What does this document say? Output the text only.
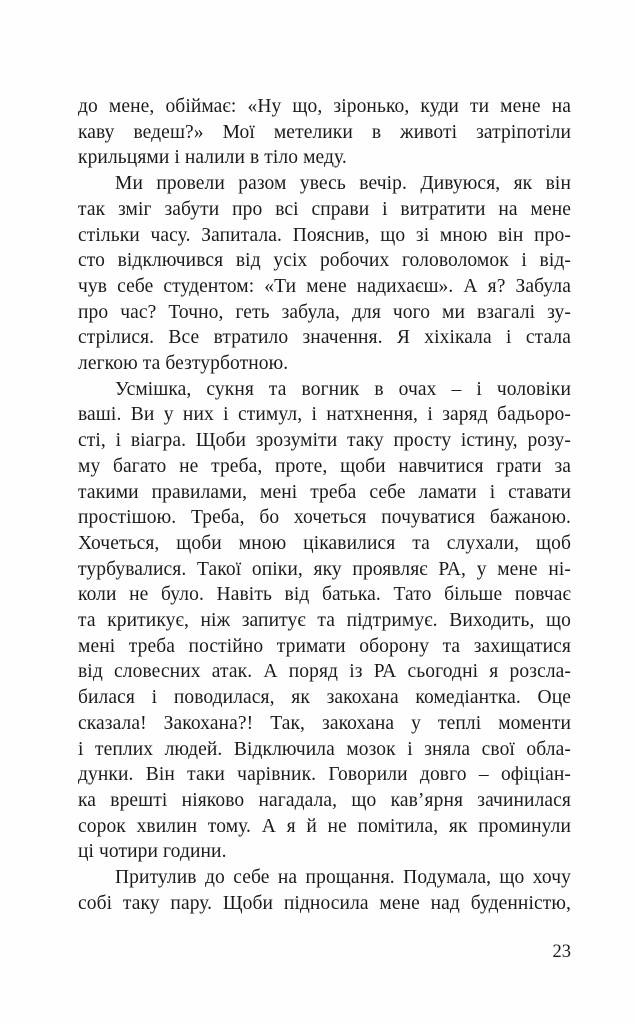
до мене, обіймає: «Ну що, зіронько, куди ти мене на
каву ведеш?» Мої метелики в животі затріпотіли
крильцями і налили в тіло меду.
Ми провели разом увесь вечір. Дивуюся, як він
так зміг забути про всі справи і витратити на мене
стільки часу. Запитала. Пояснив, що зі мною він про-
сто відключився від усіх робочих головоломок і від-
чув себе студентом: «Ти мене надихаєш». А я? Забула
про час? Точно, геть забула, для чого ми взагалі зу-
стрілися. Все втратило значення. Я хіхікала і стала
легкою та безтурботною.
Усмішка, сукня та вогник в очах – і чоловіки
ваші. Ви у них і стимул, і натхнення, і заряд бадьоро-
сті, і віагра. Щоби зрозуміти таку просту істину, розу-
му багато не треба, проте, щоби навчитися грати за
такими правилами, мені треба себе ламати і ставати
простішою. Треба, бо хочеться почуватися бажаною.
Хочеться, щоби мною цікавилися та слухали, щоб
турбувалися. Такої опіки, яку проявляє РА, у мене ні-
коли не було. Навіть від батька. Тато більше повчає
та критикує, ніж запитує та підтримує. Виходить, що
мені треба постійно тримати оборону та захищатися
від словесних атак. А поряд із РА сьогодні я розсла-
билася і поводилася, як закохана комедіантка. Оце
сказала! Закохана?! Так, закохана у теплі моменти
і теплих людей. Відключила мозок і зняла свої обла-
дунки. Він таки чарівник. Говорили довго – офіціан-
ка врешті ніяково нагадала, що кав’ярня зачинилася
сорок хвилин тому. А я й не помітила, як проминули
ці чотири години.
Притулив до себе на прощання. Подумала, що хочу
собі таку пару. Щоби підносила мене над буденністю,
23
